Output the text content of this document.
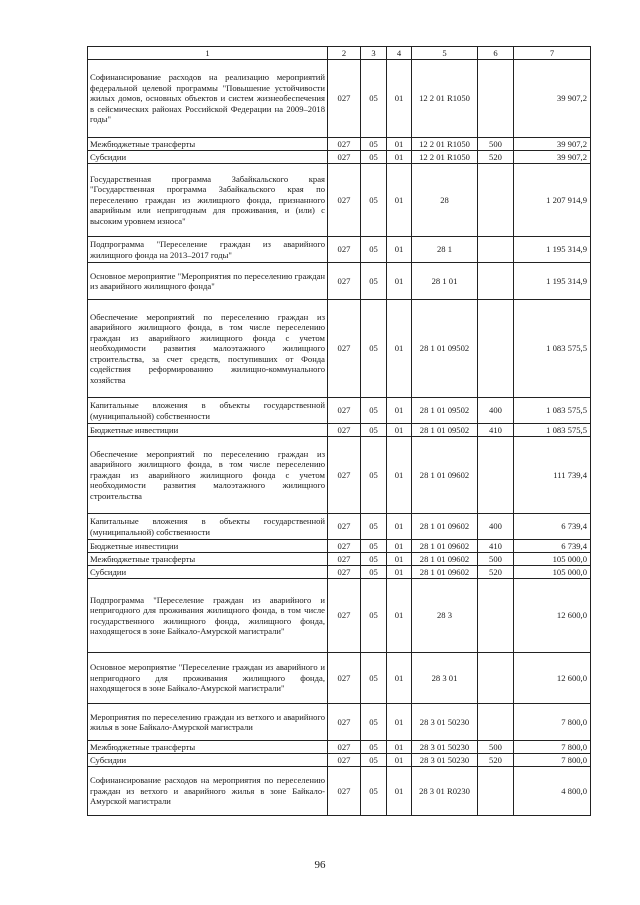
1	2	3	4	5	6	7
Софинансирование расходов на реализацию мероприятий федеральной целевой программы "Повышение устойчивости жилых домов, основных объектов и систем жизнеобеспечения в сейсмических районах Российской Федерации на 2009–2018 годы"	027	05	01	12 2 01 R1050		39 907,2
Межбюджетные трансферты	027	05	01	12 2 01 R1050	500	39 907,2
Субсидии	027	05	01	12 2 01 R1050	520	39 907,2
Государственная программа Забайкальского края "Государственная программа Забайкальского края по переселению граждан из жилищного фонда, признанного аварийным или непригодным для проживания, и (или) с высоким уровнем износа"	027	05	01	28		1 207 914,9
Подпрограмма "Переселение граждан из аварийного жилищного фонда на 2013–2017 годы"	027	05	01	28 1		1 195 314,9
Основное мероприятие "Мероприятия по переселению граждан из аварийного жилищного фонда"	027	05	01	28 1 01		1 195 314,9
Обеспечение мероприятий по переселению граждан из аварийного жилищного фонда, в том числе переселению граждан из аварийного жилищного фонда с учетом необходимости развития малоэтажного жилищного строительства, за счет средств, поступивших от Фонда содействия реформированию жилищно-коммунального хозяйства	027	05	01	28 1 01 09502		1 083 575,5
Капитальные вложения в объекты государственной (муниципальной) собственности	027	05	01	28 1 01 09502	400	1 083 575,5
Бюджетные инвестиции	027	05	01	28 1 01 09502	410	1 083 575,5
Обеспечение мероприятий по переселению граждан из аварийного жилищного фонда, в том числе переселению граждан из аварийного жилищного фонда с учетом необходимости развития малоэтажного жилищного строительства	027	05	01	28 1 01 09602		111 739,4
Капитальные вложения в объекты государственной (муниципальной) собственности	027	05	01	28 1 01 09602	400	6 739,4
Бюджетные инвестиции	027	05	01	28 1 01 09602	410	6 739,4
Межбюджетные трансферты	027	05	01	28 1 01 09602	500	105 000,0
Субсидии	027	05	01	28 1 01 09602	520	105 000,0
Подпрограмма "Переселение граждан из аварийного и непригодного для проживания жилищного фонда, в том числе государственного жилищного фонда, жилищного фонда, находящегося в зоне Байкало-Амурской магистрали"	027	05	01	28 3		12 600,0
Основное мероприятие "Переселение граждан из аварийного и непригодного для проживания жилищного фонда, находящегося в зоне Байкало-Амурской магистрали"	027	05	01	28 3 01		12 600,0
Мероприятия по переселению граждан из ветхого и аварийного жилья в зоне Байкало-Амурской магистрали	027	05	01	28 3 01 50230		7 800,0
Межбюджетные трансферты	027	05	01	28 3 01 50230	500	7 800,0
Субсидии	027	05	01	28 3 01 50230	520	7 800,0
Софинансирование расходов на мероприятия по переселению граждан из ветхого и аварийного жилья в зоне Байкало-Амурской магистрали	027	05	01	28 3 01 R0230		4 800,0
96
